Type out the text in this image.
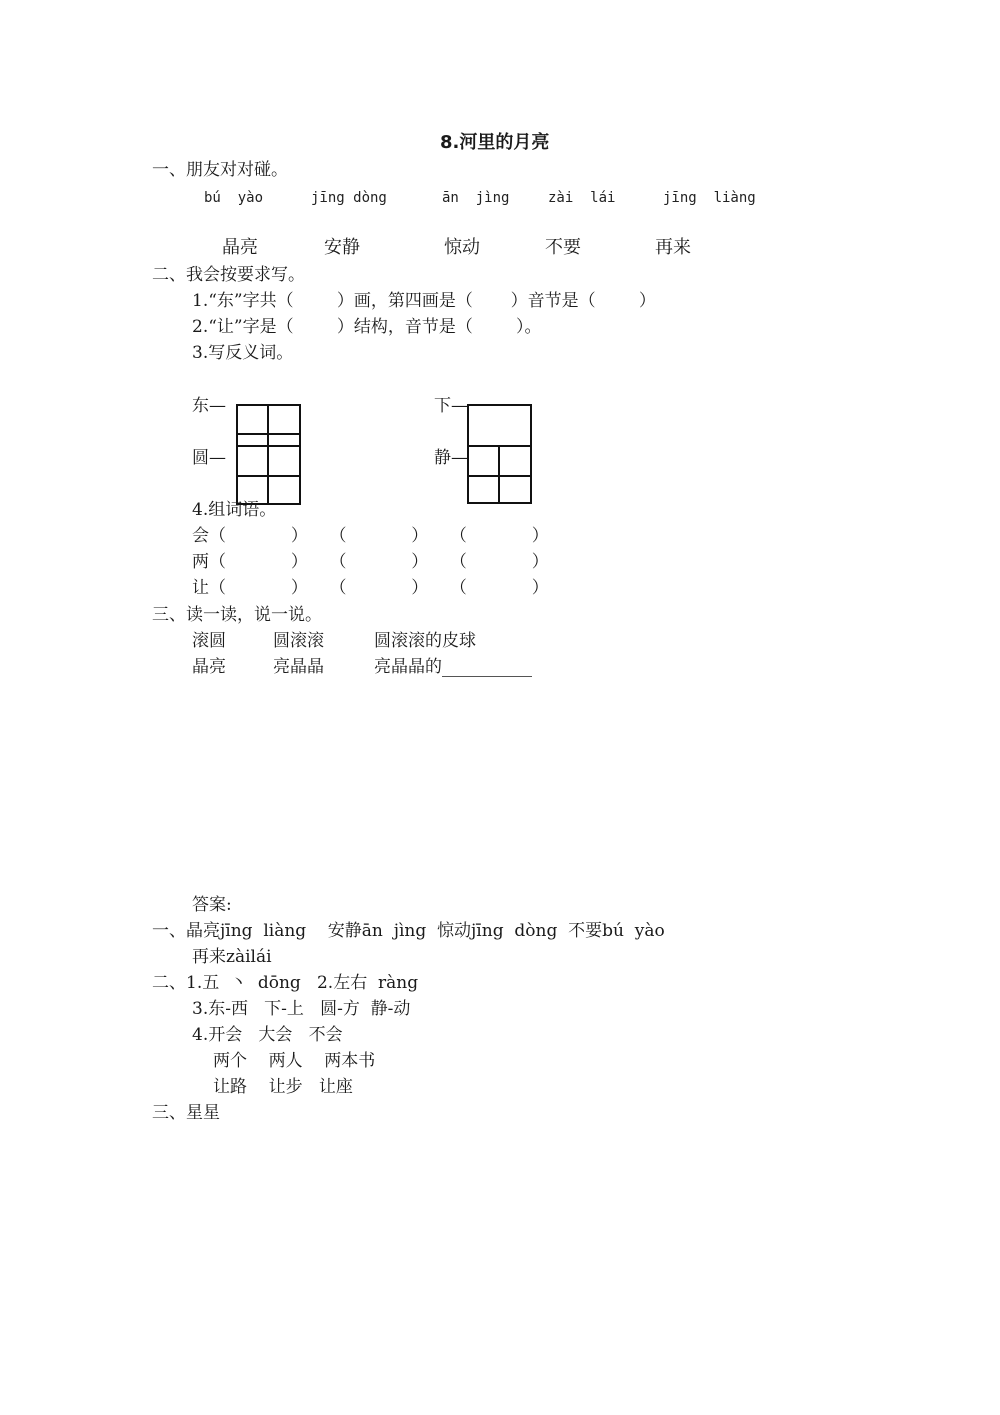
8.河里的月亮
一、朋友对对碰。
bú  yào	jīng dòng	ān  jìng	zài  lái	jīng  liàng
晶亮	安静	惊动	不要	再来
二、我会按要求写。
1.“东”字共（        ）画，第四画是（       ）音节是（        ）
2.“让”字是（        ）结构，音节是（        ）。
3.写反义词。
东—
圆—
下—
静—
4.组词语。
会（            ）    （            ）    （            ）
两（            ）    （            ）    （            ）
让（            ）    （            ）    （            ）
三、读一读，说一说。
滚圆	圆滚滚	圆滚滚的皮球
晶亮	亮晶晶	亮晶晶的
答案:
一、晶亮jīng  liàng    安静ān  jìng  惊动jīng  dòng  不要bú  yào
再来zàilái
二、1.五  丶  dōng   2.左右  ràng
3.东-西   下-上   圆-方  静-动
4.开会   大会   不会
两个    两人    两本书
让路    让步   让座
三、星星
